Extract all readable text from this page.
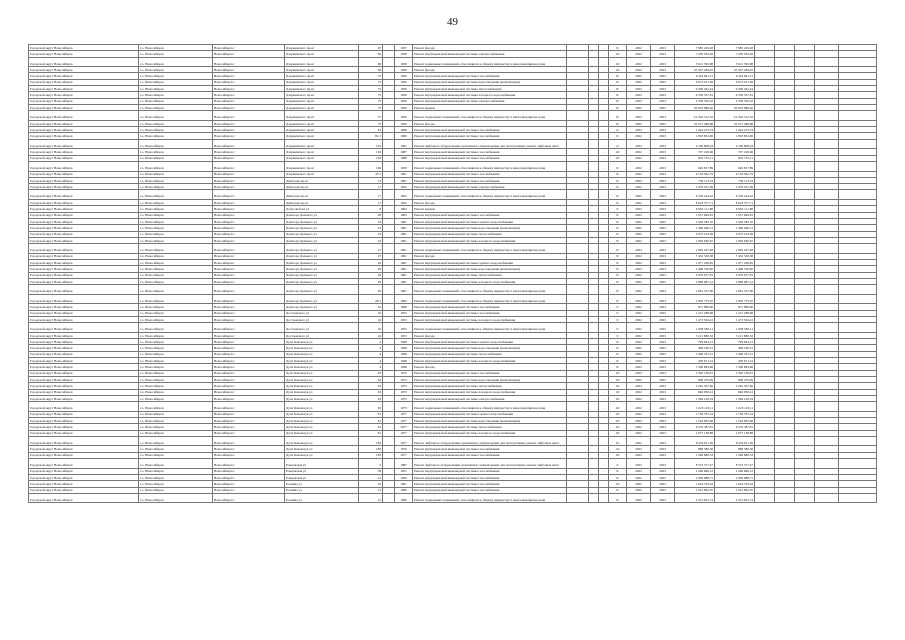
49
Городской округ Новосибирск	г.о. Новосибирск	Новосибирск г	Дзержинского пр-кт	67		1957	Ремонт фасада			.	9/	2022	2023	7 985 263,28	7 985 263,28					
Городской округ Новосибирск	г.о. Новосибирск	Новосибирск г	Дзержинского пр-кт	69		1958	Ремонт внутридомовой инженерной системы электроснабжения			.	10/	2022	2023	7 259 502,29	7 259 502,29					
Городской округ Новосибирск	г.о. Новосибирск	Новосибирск г	Дзержинского пр-кт	69		1958	Ремонт подвальных помещений, относящихся к общему имуществу в многоквартирном доме			.	10/	2022	2023	3 012 395,88	3 012 395,88					
Городской округ Новосибирск	г.о. Новосибирск	Новосибирск г	Дзержинского пр-кт	69		1958	Ремонт фасада			.	10/	2022	2023	25 307 469,45	25 307 469,45					
Городской округ Новосибирск	г.о. Новосибирск	Новосибирск г	Дзержинского пр-кт	75		1956	Ремонт внутридомовой инженерной системы газоснабжения			.	8/	2022	2023	6 344 841,21	6 344 841,21					
Городской округ Новосибирск	г.о. Новосибирск	Новосибирск г	Дзержинского пр-кт	75		1956	Ремонт внутридомовой инженерной системы водоотведения (канализации)			.	8/	2022	2023	6 073 191,38	6 073 191,38					
Городской округ Новосибирск	г.о. Новосибирск	Новосибирск г	Дзержинского пр-кт	75		1956	Ремонт внутридомовой инженерной системы теплоснабжения			.	8/	2022	2023	9 500 461,24	9 500 461,24					
Городской округ Новосибирск	г.о. Новосибирск	Новосибирск г	Дзержинского пр-кт	75		1956	Ремонт внутридомовой инженерной системы холодного водоснабжения			.	8/	2022	2023	4 356 337,81	4 356 337,81					
Городской округ Новосибирск	г.о. Новосибирск	Новосибирск г	Дзержинского пр-кт	75		1956	Ремонт внутридомовой инженерной системы электроснабжения			.	8/	2022	2023	4 339 358,16	4 339 358,16					
Городской округ Новосибирск	г.о. Новосибирск	Новосибирск г	Дзержинского пр-кт	75		1956	Ремонт крыши			.	8/	2022	2023	20 952 886,46	20 952 886,46					
Городской округ Новосибирск	г.о. Новосибирск	Новосибирск г	Дзержинского пр-кт	75		1956	Ремонт подвальных помещений, относящихся к общему имуществу в многоквартирном доме			.	8/	2022	2023	10 344 315,52	10 344 315,52					
Городской округ Новосибирск	г.о. Новосибирск	Новосибирск г	Дзержинского пр-кт	75		1956	Ремонт фасада			.	8/	2022	2023	41 971 480,88	41 971 480,88					
Городской округ Новосибирск	г.о. Новосибирск	Новосибирск г	Дзержинского пр-кт	81		1968	Ремонт внутридомовой инженерной системы газоснабжения			.	9/	2022	2023	1 444 213,74	1 444 213,74					
Городской округ Новосибирск	г.о. Новосибирск	Новосибирск г	Дзержинского пр-кт	81/1		1969	Ремонт внутридомовой инженерной системы газоснабжения			.	9/	2022	2023	1 803 832,06	1 803 832,06					
Городской округ Новосибирск	г.о. Новосибирск	Новосибирск г	Дзержинского пр-кт	161		1991	Ремонт лифтового оборудования, признанного непригодным для эксплуатации, ремонт лифтовых шахт			.	2/	2022	2023	4 106 808,44	4 106 808,44					
Городской округ Новосибирск	г.о. Новосибирск	Новосибирск г	Дзержинского пр-кт	163		1987	Ремонт внутридомовой инженерной системы газоснабжения			.	10/	2022	2023	707 190,96	707 190,96					
Городской округ Новосибирск	г.о. Новосибирск	Новосибирск г	Дзержинского пр-кт	163		1988	Ремонт внутридомовой инженерной системы газоснабжения			.	10/	2022	2023	835 701,11	835 701,11					
Городской округ Новосибирск	г.о. Новосибирск	Новосибирск г	Дзержинского пр-кт	166		1959	Ремонт подвальных помещений, относящихся к общему имуществу в многоквартирном доме			.	9/	2022	2023	640 817,89	640 817,89					
Городской округ Новосибирск	г.о. Новосибирск	Новосибирск г	Дзержинского пр-кт	47/1		1961	Ремонт внутридомовой инженерной системы газоснабжения			.	9/	2022	2023	4 134 362,79	4 134 362,79					
Городской округ Новосибирск	г.о. Новосибирск	Новосибирск г	Дмитрова пр-кт	13		1967	Ремонт внутридомовой инженерной системы газоснабжения			.	9/	2022	2023	736 113,53	736 113,53					
Городской округ Новосибирск	г.о. Новосибирск	Новосибирск г	Дмитрова пр-кт	17		1952	Ремонт внутридомовой инженерной системы электроснабжения			.	9/	2022	2023	1 676 227,09	1 676 227,09					
Городской округ Новосибирск	г.о. Новосибирск	Новосибирск г	Дмитрова пр-кт	17		1952	Ремонт подвальных помещений, относящихся к общему имуществу в многоквартирном доме			.	9/	2022	2023	4 236 244,42	4 236 244,42					
Городской округ Новосибирск	г.о. Новосибирск	Новосибирск г	Дмитрова пр-кт	17		1952	Ремонт фасада			.	9/	2022	2023	8 618 377,71	8 618 377,71					
Городской округ Новосибирск	г.о. Новосибирск	Новосибирск г	Добролюбова ул	9		1964	Ремонт крыши			.	5/	2022	2023	6 965 111,88	6 965 111,88					
Городской округ Новосибирск	г.о. Новосибирск	Новосибирск г	Доватора Дальнего ул	28		1963	Ремонт внутридомовой инженерной системы газоснабжения			.	9/	2022	2023	1 657 669,81	1 657 669,81					
Городской округ Новосибирск	г.о. Новосибирск	Новосибирск г	Доватора Дальнего ул	23		1961	Ремонт внутридомовой инженерной системы горячего водоснабжения			.	9/	2022	2023	1 658 383,70	1 658 383,70					
Городской округ Новосибирск	г.о. Новосибирск	Новосибирск г	Доватора Дальнего ул	23		1961	Ремонт внутридомовой инженерной системы водоотведения (канализации)			.	9/	2022	2023	1 496 466,21	1 496 466,21					
Городской округ Новосибирск	г.о. Новосибирск	Новосибирск г	Доватора Дальнего ул	23		1961	Ремонт внутридомовой инженерной системы теплоснабжения			.	9/	2022	2023	4 975 214,38	4 975 214,38					
Городской округ Новосибирск	г.о. Новосибирск	Новосибирск г	Доватора Дальнего ул	23		1961	Ремонт внутридомовой инженерной системы холодного водоснабжения			.	9/	2022	2023	1 859 630,67	1 859 630,67					
Городской округ Новосибирск	г.о. Новосибирск	Новосибирск г	Доватора Дальнего ул	27		1961	Ремонт подвальных помещений, относящихся к общему имуществу в многоквартирном доме			.	9/	2022	2023	1 905 427,48	1 905 427,48					
Городской округ Новосибирск	г.о. Новосибирск	Новосибирск г	Доватора Дальнего ул	27		1961	Ремонт фасада			.	9/	2022	2023	7 452 536,38	7 452 536,38					
Городской округ Новосибирск	г.о. Новосибирск	Новосибирск г	Доватора Дальнего ул	29		1961	Ремонт внутридомовой инженерной системы горячего водоснабжения			.	9/	2022	2023	1 677 438,85	1 677 438,85					
Городской округ Новосибирск	г.о. Новосибирск	Новосибирск г	Доватора Дальнего ул	29		1961	Ремонт внутридомовой инженерной системы водоотведения (канализации)			.	9/	2022	2023	1 499 796,85	1 499 796,85					
Городской округ Новосибирск	г.о. Новосибирск	Новосибирск г	Доватора Дальнего ул	29		1961	Ремонт внутридомовой инженерной системы теплоснабжения			.	9/	2022	2023	4 976 977,81	4 976 977,81					
Городской округ Новосибирск	г.о. Новосибирск	Новосибирск г	Доватора Дальнего ул	29		1961	Ремонт внутридомовой инженерной системы холодного водоснабжения			.	9/	2022	2023	1 886 687,12	1 886 687,12					
Городской округ Новосибирск	г.о. Новосибирск	Новосибирск г	Доватора Дальнего ул	29		1961	Ремонт подвальных помещений, относящихся к общему имуществу в многоквартирном доме			.	9/	2022	2023	1 861 537,90	1 861 537,90					
Городской округ Новосибирск	г.о. Новосибирск	Новосибирск г	Доватора Дальнего ул	29/1		1962	Ремонт подвальных помещений, относящихся к общему имуществу в многоквартирном доме			.	9/	2022	2023	1 850 775,97	1 850 775,97					
Городской округ Новосибирск	г.о. Новосибирск	Новосибирск г	Доватора Дальнего ул	32		1968	Ремонт внутридомовой инженерной системы газоснабжения			.	5/	2022	2023	871 868,60	871 868,60					
Городской округ Новосибирск	г.о. Новосибирск	Новосибирск г	Достоевского ул	16		1955	Ремонт внутридомовой инженерной системы газоснабжения			.	5/	2022	2023	1 215 268,96	1 215 268,96					
Городской округ Новосибирск	г.о. Новосибирск	Новосибирск г	Достоевского ул	16		1955	Ремонт внутридомовой инженерной системы холодного водоснабжения			.	5/	2022	2023	1 473 504,21	1 473 504,21					
Городской округ Новосибирск	г.о. Новосибирск	Новосибирск г	Достоевского ул	16		1955	Ремонт подвальных помещений, относящихся к общему имуществу в многоквартирном доме			.	5/	2022	2023	1 838 383,11	1 838 383,11					
Городской округ Новосибирск	г.о. Новосибирск	Новосибирск г	Достоевского ул	16		1955	Ремонт фасада			.	5/	2022	2023	5 211 886,52	5 211 886,52					
Городской округ Новосибирск	г.о. Новосибирск	Новосибирск г	Дуси Ковальчук ул	4		1948	Ремонт внутридомовой инженерной системы горячего водоснабжения			.	9/	2022	2023	799 694,21	799 694,21					
Городской округ Новосибирск	г.о. Новосибирск	Новосибирск г	Дуси Ковальчук ул	4		1948	Ремонт внутридомовой инженерной системы водоотведения (канализации)			.	9/	2022	2023	469 236,31	469 236,31					
Городской округ Новосибирск	г.о. Новосибирск	Новосибирск г	Дуси Ковальчук ул	4		1948	Ремонт внутридомовой инженерной системы теплоснабжения			.	9/	2022	2023	1 496 331,31	1 496 331,31					
Городской округ Новосибирск	г.о. Новосибирск	Новосибирск г	Дуси Ковальчук ул	4		1948	Ремонт внутридомовой инженерной системы холодного водоснабжения			.	9/	2022	2023	439 671,21	439 671,21					
Городской округ Новосибирск	г.о. Новосибирск	Новосибирск г	Дуси Ковальчук ул	4		1948	Ремонт фасада			.	9/	2022	2023	7 260 884,66	7 260 884,66					
Городской округ Новосибирск	г.о. Новосибирск	Новосибирск г	Дуси Ковальчук ул	63		1973	Ремонт внутридомовой инженерной системы газоснабжения			.	10/	2022	2023	1 363 130,91	1 363 130,91					
Городской округ Новосибирск	г.о. Новосибирск	Новосибирск г	Дуси Ковальчук ул	63		1973	Ремонт внутридомовой инженерной системы водоотведения (канализации)			.	10/	2022	2023	866 470,69	866 470,69					
Городской округ Новосибирск	г.о. Новосибирск	Новосибирск г	Дуси Ковальчук ул	63		1973	Ремонт внутридомовой инженерной системы теплоснабжения			.	10/	2022	2023	3 245 307,66	3 245 307,66					
Городской округ Новосибирск	г.о. Новосибирск	Новосибирск г	Дуси Ковальчук ул	63		1973	Ремонт внутридомовой инженерной системы холодного водоснабжения			.	10/	2022	2023	846 950,41	846 950,41					
Городской округ Новосибирск	г.о. Новосибирск	Новосибирск г	Дуси Ковальчук ул	63		1973	Ремонт внутридомовой инженерной системы электроснабжения			.	10/	2022	2023	1 384 126,34	1 384 126,34					
Городской округ Новосибирск	г.о. Новосибирск	Новосибирск г	Дуси Ковальчук ул	63		1973	Ремонт подвальных помещений, относящихся к общему имуществу в многоквартирном доме			.	10/	2022	2023	1 023 118,11	1 023 118,11					
Городской округ Новосибирск	г.о. Новосибирск	Новосибирск г	Дуси Ковальчук ул	81		1977	Ремонт внутридомовой инженерной системы горячего водоснабжения			.	10/	2022	2023	1 759 781,24	1 759 781,24					
Городской округ Новосибирск	г.о. Новосибирск	Новосибирск г	Дуси Ковальчук ул	81		1977	Ремонт внутридомовой инженерной системы водоотведения (канализации)			.	10/	2022	2023	1 264 832,96	1 264 832,96					
Городской округ Новосибирск	г.о. Новосибирск	Новосибирск г	Дуси Ковальчук ул	81		1977	Ремонт внутридомовой инженерной системы теплоснабжения			.	10/	2022	2023	6 276 387,81	6 276 387,81					
Городской округ Новосибирск	г.о. Новосибирск	Новосибирск г	Дуси Ковальчук ул	81		1977	Ремонт внутридомовой инженерной системы холодного водоснабжения			.	10/	2022	2023	1 677 138,88	1 677 138,88					
Городской округ Новосибирск	г.о. Новосибирск	Новосибирск г	Дуси Ковальчук ул	183		1977	Ремонт лифтового оборудования, признанного непригодным для эксплуатации, ремонт лифтовых шахт			.	12/	2022	2023	6 324 811,56	6 324 811,56					
Городской округ Новосибирск	г.о. Новосибирск	Новосибирск г	Дуси Ковальчук ул	183		1976	Ремонт внутридомовой инженерной системы газоснабжения			.	14/	2022	2023	888 380,36	888 380,36					
Городской округ Новосибирск	г.о. Новосибирск	Новосибирск г	Дуси Ковальчук ул	183		1977	Ремонт внутридомовой инженерной системы газоснабжения			.	10/	2022	2023	1 008 880,53	1 008 880,53					
Городской округ Новосибирск	г.о. Новосибирск	Новосибирск г	Ельцовская ул	2		1987	Ремонт лифтового оборудования, признанного непригодным для эксплуатации, ремонт лифтовых шахт			.	2/	2022	2023	8 373 377,27	8 373 377,27					
Городской округ Новосибирск	г.о. Новосибирск	Новосибирск г	Ельцовская ул	39		1951	Ремонт внутридомовой инженерной системы газоснабжения			.	9/	2022	2023	1 260 860,12	1 260 860,12					
Городской округ Новосибирск	г.о. Новосибирск	Новосибирск г	Ельцовская ул	41		1956	Ремонт внутридомовой инженерной системы газоснабжения			.	9/	2022	2023	1 850 988,71	1 850 988,71					
Городской округ Новосибирск	г.о. Новосибирск	Новосибирск г	Есенина ул	10		1961	Ремонт внутридомовой инженерной системы газоснабжения			.	10/	2022	2023	1 024 703,94	1 024 703,94					
Городской округ Новосибирск	г.о. Новосибирск	Новосибирск г	Есенина ул	12		1960	Ремонт внутридомовой инженерной системы газоснабжения			.	9/	2022	2023	1 941 894,70	1 941 894,70					
Городской округ Новосибирск	г.о. Новосибирск	Новосибирск г	Есенина ул	12		1960	Ремонт подвальных помещений, относящихся к общему имуществу в многоквартирном доме			.	9/	2022	2023	2 312 091,74	2 312 091,74					
